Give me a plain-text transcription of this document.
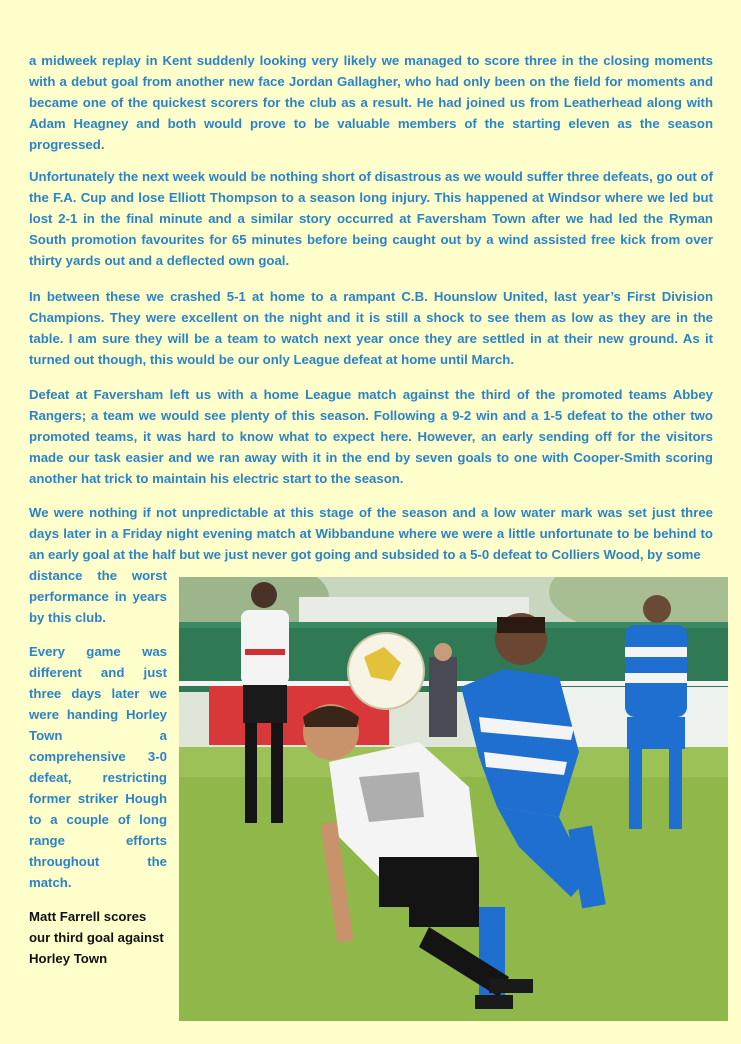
a midweek replay in Kent suddenly looking very likely we managed to score three in the closing moments with a debut goal from another new face Jordan Gallagher, who had only been on the field for moments and became one of the quickest scorers for the club as a result. He had joined us from Leatherhead along with Adam Heagney and both would prove to be valuable members of the starting eleven as the season progressed.

Unfortunately the next week would be nothing short of disastrous as we would suffer three defeats, go out of the F.A. Cup and lose Elliott Thompson to a season long injury. This happened at Windsor where we led but lost 2-1 in the final minute and a similar story occurred at Faversham Town after we had led the Ryman South promotion favourites for 65 minutes before being caught out by a wind assisted free kick from over thirty yards out and a deflected own goal.

In between these we crashed 5-1 at home to a rampant C.B. Hounslow United, last year’s First Division Champions. They were excellent on the night and it is still a shock to see them as low as they are in the table. I am sure they will be a team to watch next year once they are settled in at their new ground. As it turned out though, this would be our only League defeat at home until March.

Defeat at Faversham left us with a home League match against the third of the promoted teams Abbey Rangers; a team we would see plenty of this season. Following a 9-2 win and a 1-5 defeat to the other two promoted teams, it was hard to know what to expect here. However, an early sending off for the visitors made our task easier and we ran away with it in the end by seven goals to one with Cooper-Smith scoring another hat trick to maintain his electric start to the season.

We were nothing if not unpredictable at this stage of the season and a low water mark was set just three days later in a Friday night evening match at Wibbandune where we were a little unfortunate to be behind to an early goal at the half but we just never got going and subsided to a 5-0 defeat to Colliers Wood, by some

distance the worst performance in years by this club.

Every game was different and just three days later we were handing Horley Town a comprehensive 3-0 defeat, restricting former striker Hough to a couple of long range efforts throughout the match.

Matt Farrell scores our third goal against Horley Town
